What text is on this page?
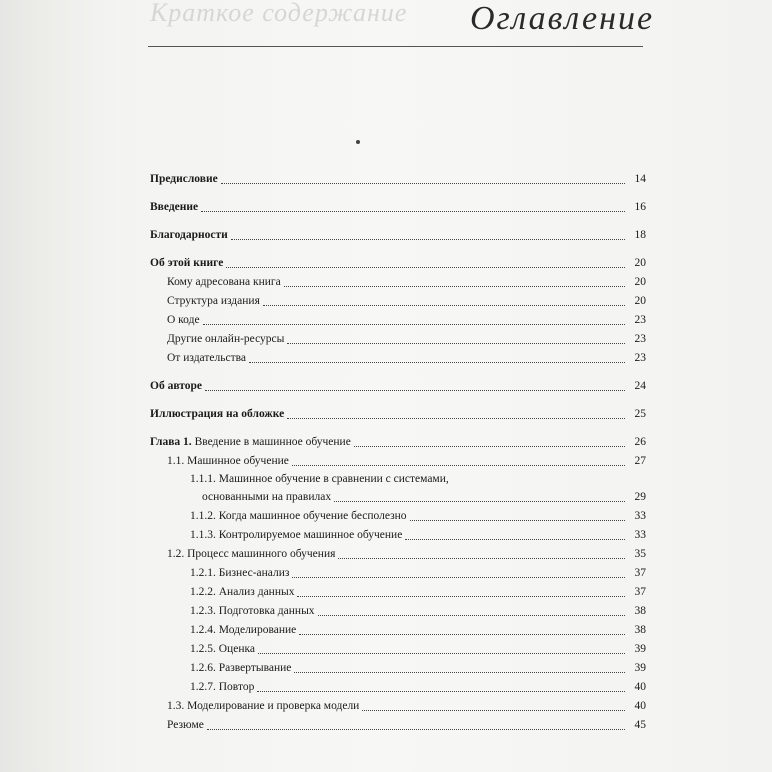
Краткое содержание Оглавление
Предисловие	14
Введение	16
Благодарности	18
Об этой книге	20
Кому адресована книга	20
Структура издания	20
О коде	23
Другие онлайн-ресурсы	23
От издательства	23
Об авторе	24
Иллюстрация на обложке	25
Глава 1. Введение в машинное обучение	26
1.1. Машинное обучение	27
1.1.1. Машинное обучение в сравнении с системами,
основанными на правилах	29
1.1.2. Когда машинное обучение бесполезно	33
1.1.3. Контролируемое машинное обучение	33
1.2. Процесс машинного обучения	35
1.2.1. Бизнес-анализ	37
1.2.2. Анализ данных	37
1.2.3. Подготовка данных	38
1.2.4. Моделирование	38
1.2.5. Оценка	39
1.2.6. Развертывание	39
1.2.7. Повтор	40
1.3. Моделирование и проверка модели	40
Резюме	45
